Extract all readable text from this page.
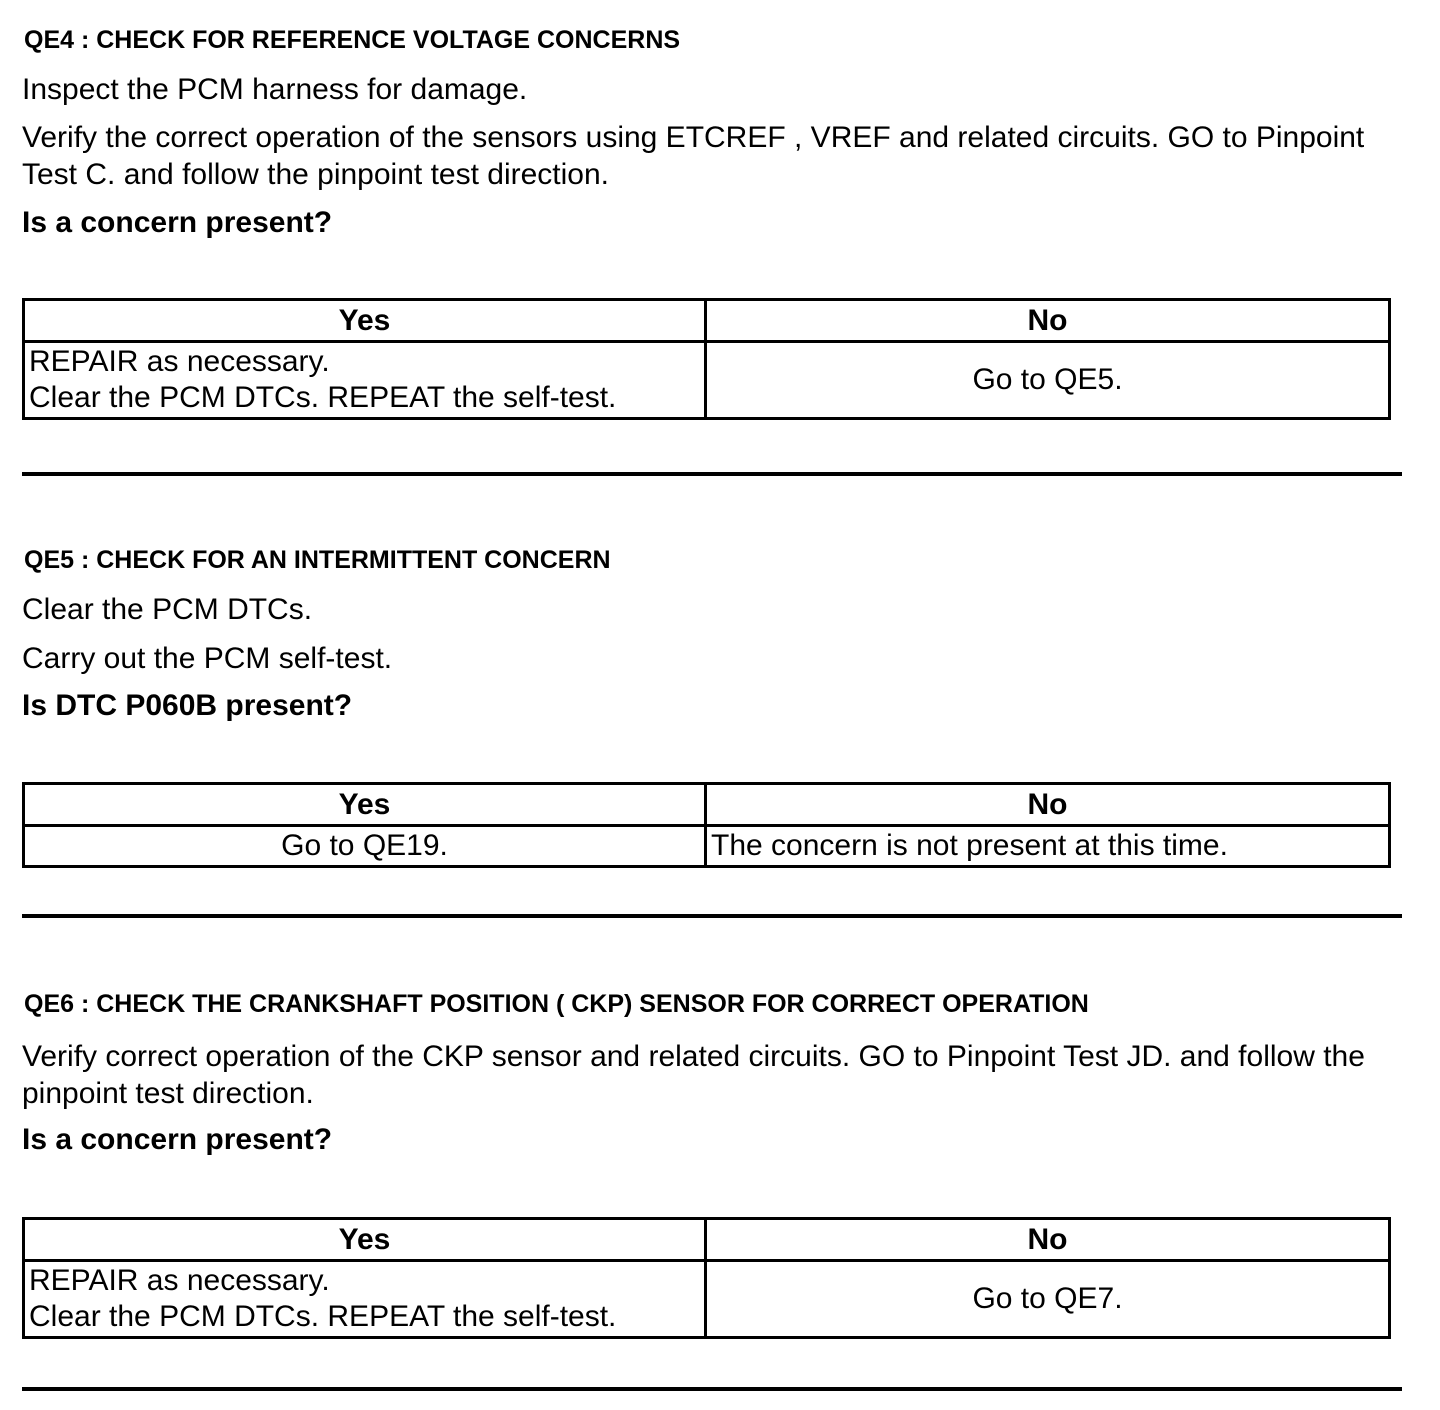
QE4 : CHECK FOR REFERENCE VOLTAGE CONCERNS

Inspect the PCM harness for damage.

Verify the correct operation of the sensors using ETCREF , VREF and related circuits. GO to Pinpoint Test C. and follow the pinpoint test direction.

Is a concern present?

Yes	No

REPAIR as necessary.
Clear the PCM DTCs. REPEAT the self-test.	Go to QE5.

QE5 : CHECK FOR AN INTERMITTENT CONCERN

Clear the PCM DTCs.

Carry out the PCM self-test.

Is DTC P060B present?

Yes	No

Go to QE19.	The concern is not present at this time.

QE6 : CHECK THE CRANKSHAFT POSITION ( CKP) SENSOR FOR CORRECT OPERATION

Verify correct operation of the CKP sensor and related circuits. GO to Pinpoint Test JD. and follow the pinpoint test direction.

Is a concern present?

Yes	No

REPAIR as necessary.
Clear the PCM DTCs. REPEAT the self-test.	Go to QE7.
